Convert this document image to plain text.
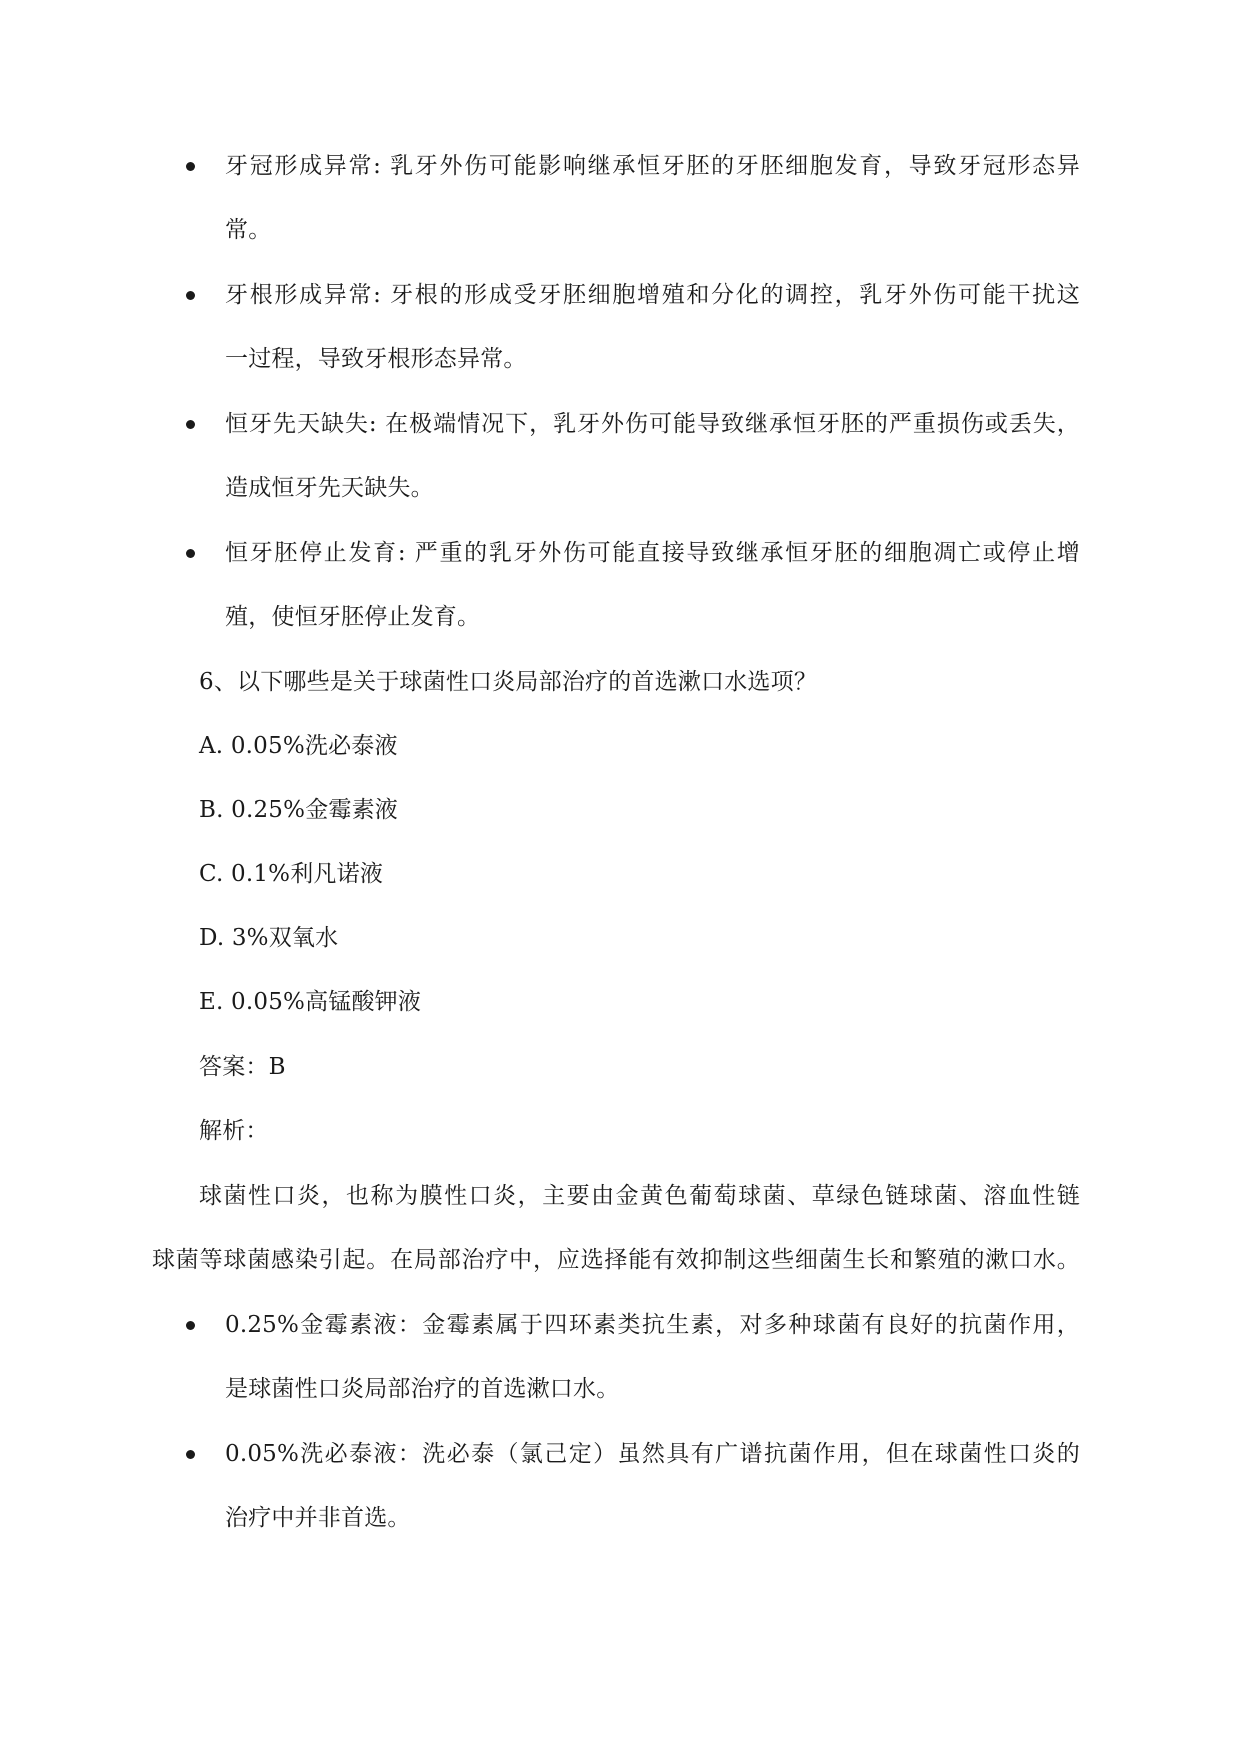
牙冠形成异常: 乳牙外伤可能影响继承恒牙胚的牙胚细胞发育，导致牙冠形态异
常。
牙根形成异常: 牙根的形成受牙胚细胞增殖和分化的调控，乳牙外伤可能干扰这
一过程，导致牙根形态异常。
恒牙先天缺失: 在极端情况下，乳牙外伤可能导致继承恒牙胚的严重损伤或丢失，
造成恒牙先天缺失。
恒牙胚停止发育: 严重的乳牙外伤可能直接导致继承恒牙胚的细胞凋亡或停止增
殖，使恒牙胚停止发育。
6、以下哪些是关于球菌性口炎局部治疗的首选漱口水选项？
A. 0.05%洗必泰液
B. 0.25%金霉素液
C. 0.1%利凡诺液
D. 3%双氧水
E. 0.05%高锰酸钾液
答案：B
解析：
球菌性口炎，也称为膜性口炎，主要由金黄色葡萄球菌、草绿色链球菌、溶血性链
球菌等球菌感染引起。在局部治疗中，应选择能有效抑制这些细菌生长和繁殖的漱口水。
0.25%金霉素液：金霉素属于四环素类抗生素，对多种球菌有良好的抗菌作用，
是球菌性口炎局部治疗的首选漱口水。
0.05%洗必泰液：洗必泰（氯己定）虽然具有广谱抗菌作用，但在球菌性口炎的
治疗中并非首选。
